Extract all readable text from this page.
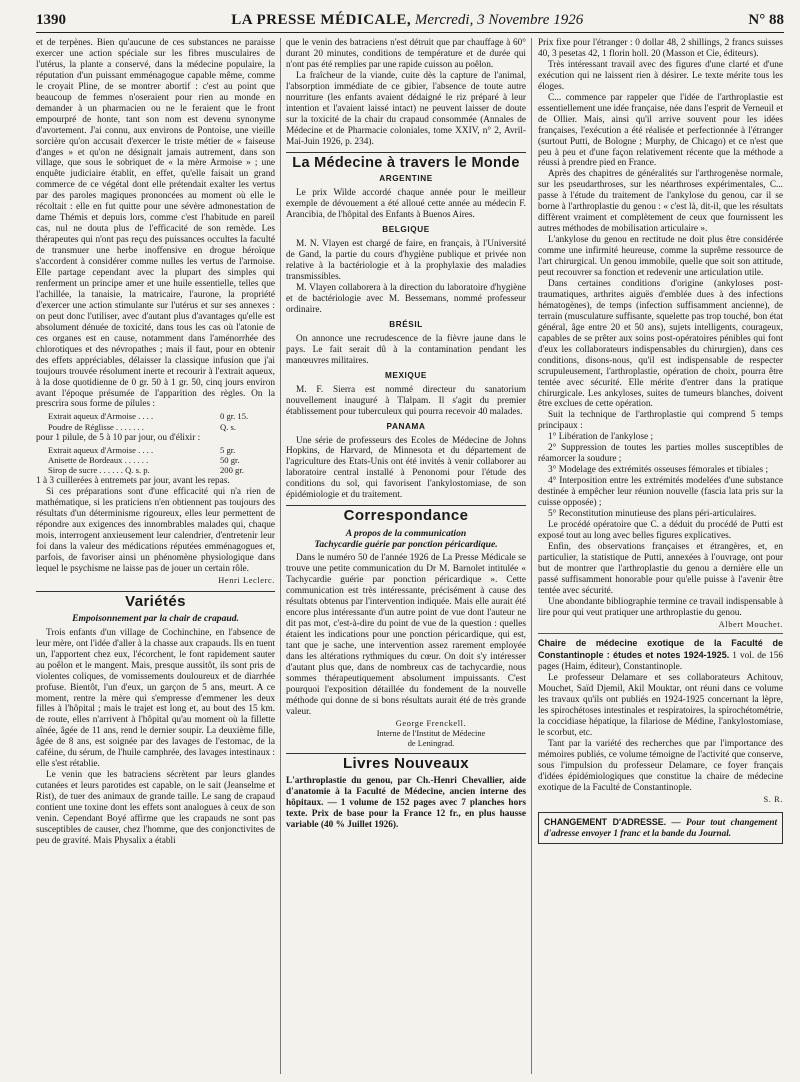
1390	LA PRESSE MÉDICALE, Mercredi, 3 Novembre 1926	N° 88

et de terpènes. Bien qu'aucune de ces substances ne paraisse exercer une action spéciale sur les fibres musculaires de l'utérus, la plante a conservé, dans la médecine populaire, la réputation d'un puissant emménagogue capable même, comme le croyait Pline, de se montrer abortif : c'est au point que beaucoup de femmes n'oseraient pour rien au monde en demander à un pharmacien ou ne le feraient que le front empourpré de honte, tant son nom est devenu synonyme d'avortement. J'ai connu, aux environs de Pontoise, une vieille sorcière qu'on accusait d'exercer le triste métier de « faiseuse d'anges » et qu'on ne désignait jamais autrement, dans son village, que sous le sobriquet de « la mère Armoise » ; une enquête judiciaire établit, en effet, qu'elle faisait un grand commerce de ce végétal dont elle prétendait exalter les vertus par des paroles magiques prononcées au moment où elle le récoltait : elle en fut quitte pour une sévère admonestation de dame Thémis et depuis lors, comme c'est l'habitude en pareil cas, nul ne douta plus de l'efficacité de son remède. Les thérapeutes qui n'ont pas reçu des puissances occultes la faculté de transmuer une herbe inoffensive en drogue héroïque s'accordent à considérer comme nulles les vertus de l'armoise. Elle partage cependant avec la plupart des simples qui renferment un principe amer et une huile essentielle, telles que l'achillée, la tanaisie, la matricaire, l'aurone, la propriété d'exercer une action stimulante sur l'utérus et sur ses annexes : on peut donc l'utiliser, avec d'autant plus d'avantages qu'elle est absolument dénuée de toxicité, dans tous les cas où l'atonie de ces organes est en cause, notamment dans l'aménorrhée des chlorotiques et des névropathes ; mais il faut, pour en obtenir des effets appréciables, délaisser la classique infusion que j'ai toujours trouvée résolument inerte et recourir à l'extrait aqueux, à la dose quotidienne de 0 gr. 50 à 1 gr. 50, cinq jours environ avant l'époque présumée de l'apparition des règles. On la prescrira sous forme de pilules :

Extrait aqueux d'Armoise . . . .	0 gr. 15.
Poudre de Réglisse . . . . . . .	Q. s.

pour 1 pilule, de 5 à 10 par jour, ou d'élixir :

Extrait aqueux d'Armoise . . . .	5 gr.
Anisette de Bordeaux . . . . . .	50 gr.
Sirop de sucre . . . . . . Q. s. p.	200 gr.

1 à 3 cuillerées à entremets par jour, avant les repas.

Si ces préparations sont d'une efficacité qui n'a rien de mathématique, si les praticiens n'en obtiennent pas toujours des résultats d'un déterminisme rigoureux, elles leur permettent de répondre aux exigences des innombrables malades qui, chaque mois, interrogent anxieusement leur calendrier, d'entretenir leur foi dans la valeur des médications réputées emménagogues et, parfois, de favoriser ainsi un phénomène physiologique dans lequel le psychisme ne laisse pas de jouer un certain rôle.

Henri Leclerc.
Variétés
Empoisonnement par la chair de crapaud.

Trois enfants d'un village de Cochinchine, en l'absence de leur mère, ont l'idée d'aller à la chasse aux crapauds. Ils en tuent un, l'apportent chez eux, l'écorchent, le font rapidement sauter au poêlon et le mangent. Mais, presque aussitôt, ils sont pris de violentes coliques, de vomissements douloureux et de diarrhée profuse. Bientôt, l'un d'eux, un garçon de 5 ans, meurt. A ce moment, rentre la mère qui s'empresse d'emmener les deux filles à l'hôpital ; mais le trajet est long et, au bout des 15 km. de route, elles n'arrivent à l'hôpital qu'au moment où la fillette aînée, âgée de 11 ans, rend le dernier soupir. La deuxième fille, âgée de 8 ans, est soignée par des lavages de l'estomac, de la caféine, du sérum, de l'huile camphrée, des lavages intestinaux : elle s'est rétablie.

Le venin que les batraciens sécrètent par leurs glandes cutanées et leurs parotides est capable, on le sait (Jeanselme et Rist), de tuer des animaux de grande taille. Le sang de crapaud contient une toxine dont les effets sont analogues à ceux de son venin. Cependant Boyé affirme que les crapauds ne sont pas susceptibles de causer, chez l'homme, que des conjonctivites de peu de gravité. Mais Physalix a établi

que le venin des batraciens n'est détruit que par chauffage à 60° durant 20 minutes, conditions de température et de durée qui n'ont pas été remplies par une rapide cuisson au poêlon.

La fraîcheur de la viande, cuite dès la capture de l'animal, l'absorption immédiate de ce gibier, l'absence de toute autre nourriture (les enfants avaient dédaigné le riz préparé à leur intention et l'avaient laissé intact) ne peuvent laisser de doute sur la toxicité de la chair du crapaud consommée (Annales de Médecine et de Pharmacie coloniales, tome XXIV, n° 2, Avril-Mai-Juin 1926, p. 234).

La Médecine à travers le Monde
ARGENTINE

Le prix Wilde accordé chaque année pour le meilleur exemple de dévouement a été alloué cette année au médecin F. Arancibia, de l'hôpital des Enfants à Buenos Aires.

BELGIQUE

M. N. Vlayen est chargé de faire, en français, à l'Université de Gand, la partie du cours d'hygiène publique et privée non relative à la bactériologie et à la prophylaxie des maladies transmissibles.

M. Vlayen collaborera à la direction du laboratoire d'hygiène et de bactériologie avec M. Bessemans, nommé professeur ordinaire.

BRÉSIL

On annonce une recrudescence de la fièvre jaune dans le pays. Le fait serait dû à la contamination pendant les manœuvres militaires.

MEXIQUE

M. F. Sierra est nommé directeur du sanatorium nouvellement inauguré à Tlalpam. Il s'agit du premier établissement pour tuberculeux qui pourra recevoir 40 malades.

PANAMA

Une série de professeurs des Ecoles de Médecine de Johns Hopkins, de Harvard, de Minnesota et du département de l'agriculture des Etats-Unis ont été invités à venir collaborer au laboratoire central installé à Penonomi pour l'étude des conditions du sol, qui favorisent l'ankylostomiase, de son épidémiologie et du traitement.

Correspondance
A propos de la communication
Tachycardie guérie par ponction péricardique.

Dans le numéro 50 de l'année 1926 de La Presse Médicale se trouve une petite communication du Dr M. Barnolet intitulée « Tachycardie guérie par ponction péricardique ». Cette communication est très intéressante, précisément à cause des résultats obtenus par l'intervention indiquée. Mais elle aurait été encore plus intéressante d'un autre point de vue dont l'auteur ne dit pas mot, c'est-à-dire du point de vue de la question : quelles étaient les indications pour une ponction péricardique, qui est, tant que je sache, une intervention assez rarement employée dans les altérations rythmiques du cœur. On doit s'y intéresser d'autant plus que, dans de nombreux cas de tachycardie, nous sommes thérapeutiquement absolument impuissants. C'est pourquoi l'exposition détaillée du fondement de la nouvelle méthode qui donne de si bons résultats aurait été de très grande valeur.

George Frenckell.
Interne de l'Institut de Médecine
de Leningrad.
Livres Nouveaux

L'arthroplastie du genou, par Ch.-Henri Chevallier, aide d'anatomie à la Faculté de Médecine, ancien interne des hôpitaux. — 1 volume de 152 pages avec 7 planches hors texte. Prix de base pour la France 12 fr., en plus hausse variable (40 % Juillet 1926).

Prix fixe pour l'étranger : 0 dollar 48, 2 shillings, 2 francs suisses 40, 3 pesetas 42, 1 florin holl. 20 (Masson et Cie, éditeurs).

Très intéressant travail avec des figures d'une clarté et d'une exécution qui ne laissent rien à désirer. Le texte mérite tous les éloges.

C... commence par rappeler que l'idée de l'arthroplastie est essentiellement une idée française, née dans l'esprit de Verneuil et de Ollier. Mais, ainsi qu'il arrive souvent pour les idées françaises, l'exécution a été réalisée et perfectionnée à l'étranger (surtout Putti, de Bologne ; Murphy, de Chicago) et ce n'est que peu à peu et d'une façon relativement récente que la méthode a réussi à prendre pied en France.

Après des chapitres de généralités sur l'arthrogenèse normale, sur les pseudarthroses, sur les néarthroses expérimentales, C... passe à l'étude du traitement de l'ankylose du genou, car il se borne à l'arthroplastie du genou : « c'est là, dit-il, que les résultats diffèrent vraiment et complètement de ceux que fournissent les autres méthodes de mobilisation articulaire ».

L'ankylose du genou en rectitude ne doit plus être considérée comme une infirmité heureuse, comme la suprême ressource de l'art chirurgical. Un genou immobile, quelle que soit son attitude, peut recouvrer sa fonction et redevenir une articulation utile.

Dans certaines conditions d'origine (ankyloses post-traumatiques, arthrites aiguës d'emblée dues à des infections hématogènes), de temps (infection suffisamment ancienne), de terrain (musculature suffisante, squelette pas trop touché, bon état général, âge entre 20 et 50 ans), sujets intelligents, courageux, capables de se prêter aux soins post-opératoires pénibles qui font d'eux les collaborateurs indispensables du chirurgien), dans ces conditions, disons-nous, qu'il est indispensable de respecter scrupuleusement, l'arthroplastie, opération de choix, pourra être tentée avec sécurité. Elle mérite d'entrer dans la pratique chirurgicale. Les ankyloses, suites de tumeurs blanches, doivent être exclues de cette opération.

Suit la technique de l'arthroplastie qui comprend 5 temps principaux :

1° Libération de l'ankylose ;

2° Suppression de toutes les parties molles susceptibles de réamorcer la soudure ;

3° Modelage des extrémités osseuses fémorales et tibiales ;

4° Interposition entre les extrémités modelées d'une substance destinée à empêcher leur réunion nouvelle (fascia lata pris sur la cuisse opposée) ;

5° Reconstitution minutieuse des plans péri-articulaires.

Le procédé opératoire que C. a déduit du procédé de Putti est exposé tout au long avec belles figures explicatives.

Enfin, des observations françaises et étrangères, et, en particulier, la statistique de Putti, annexées à l'ouvrage, ont pour but de montrer que l'arthroplastie du genou a dernière elle un passé suffisamment honorable pour qu'elle puisse à l'avenir être tentée avec sécurité.

Une abondante bibliographie termine ce travail indispensable à lire pour qui veut pratiquer une arthroplastie du genou.

Albert Mouchet.

Chaire de médecine exotique de la Faculté de Constantinople : études et notes 1924-1925. 1 vol. de 156 pages (Haim, éditeur), Constantinople.

Le professeur Delamare et ses collaborateurs Achitouv, Mouchet, Saïd Djemil, Akil Mouktar, ont réuni dans ce volume les travaux qu'ils ont publiés en 1924-1925 concernant la lèpre, les spirochétoses intestinales et respiratoires, la spirochétométrie, la coccidiase hépatique, la filariose de Médine, l'ankylostomiase, le scorbut, etc.

Tant par la variété des recherches que par l'importance des mémoires publiés, ce volume témoigne de l'activité que conserve, sous l'impulsion du professeur Delamare, ce foyer français d'idées épidémiologiques que constitue la chaire de médecine exotique de la Faculté de Constantinople.

S. R.
CHANGEMENT D'ADRESSE. — Pour tout changement d'adresse envoyer 1 franc et la bande du Journal.
